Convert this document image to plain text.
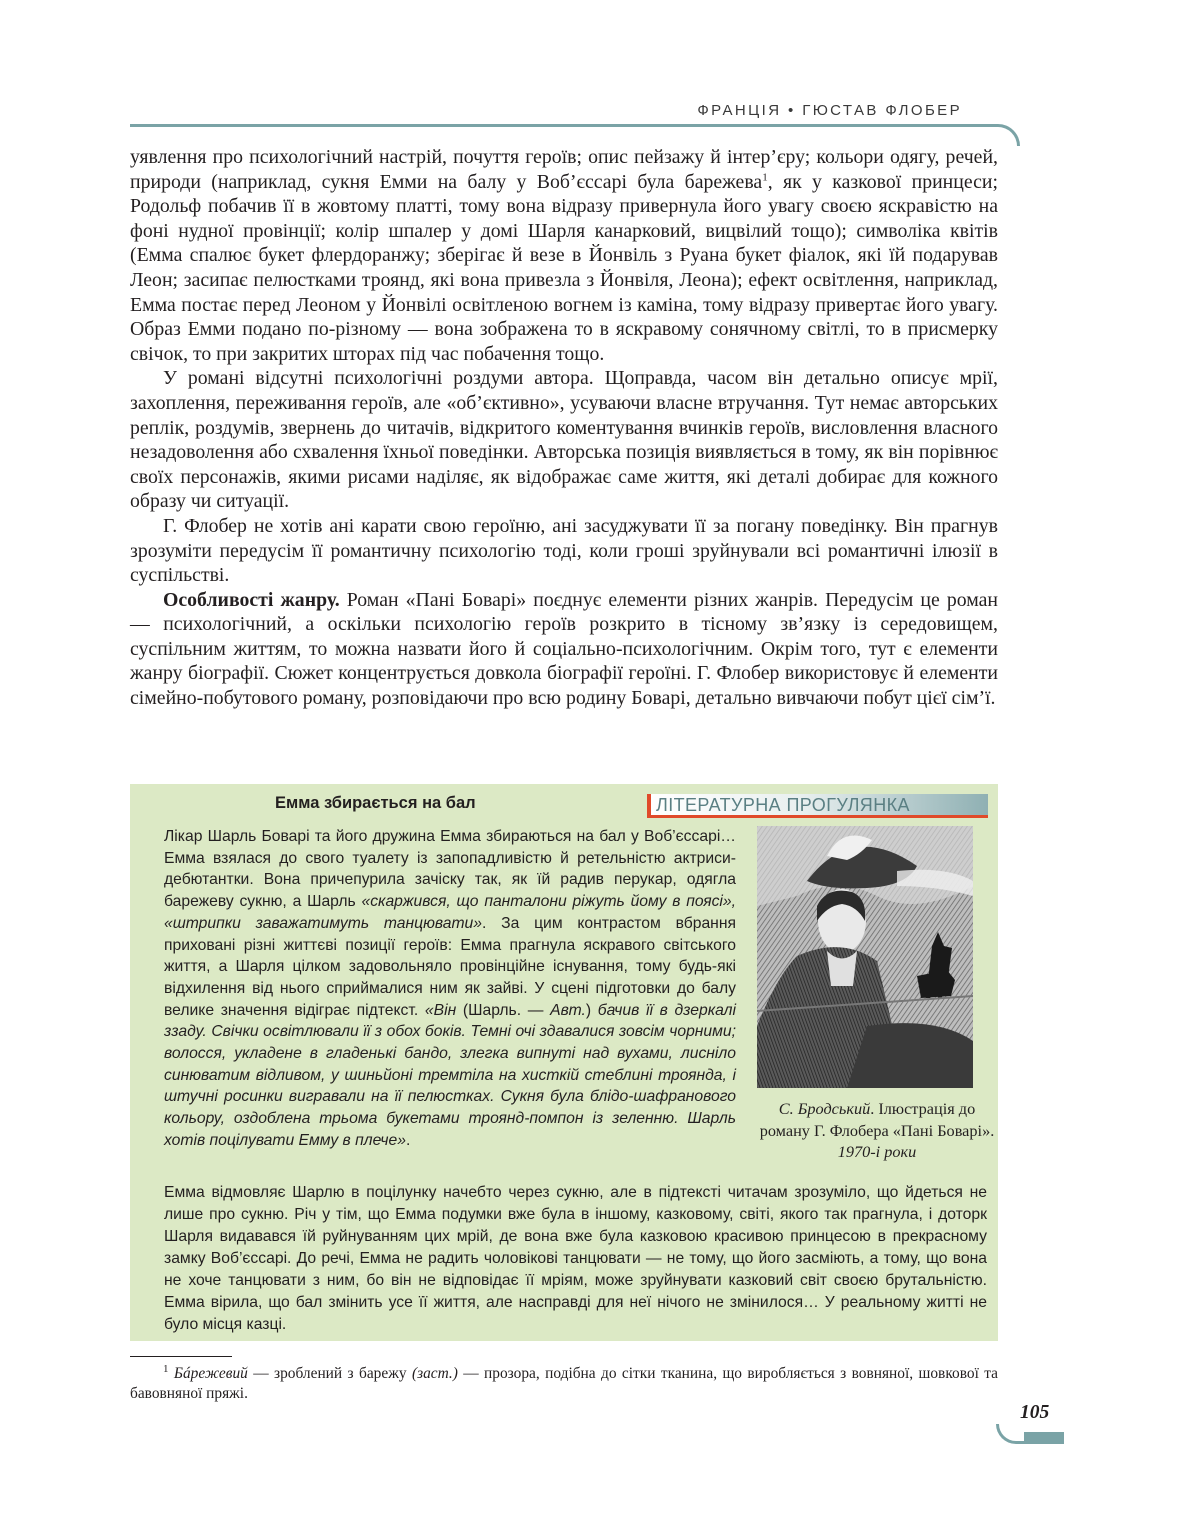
ФРАНЦІЯ • ГЮСТАВ ФЛОБЕР

уявлення про психологічний настрій, почуття героїв; опис пейзажу й інтер’єру; кольори одягу, речей, природи (наприклад, сукня Емми на балу у Воб’єссарі була барежева$^1$, як у казкової принцеси; Родольф побачив її в жовтому платті, тому вона відразу привернула його увагу своєю яскравістю на фоні нудної провінції; колір шпалер у домі Шарля канарковий, вицвілий тощо); символіка квітів (Емма спалює букет флердоранжу; зберігає й везе в Йонвіль з Руана букет фіалок, які їй подарував Леон; засипає пелюстками троянд, які вона привезла з Йонвіля, Леона); ефект освітлення, наприклад, Емма постає перед Леоном у Йонвілі освітленою вогнем із каміна, тому відразу привертає його увагу. Образ Емми подано по-різному — вона зображена то в яскравому сонячному світлі, то в присмерку свічок, то при закритих шторах під час побачення тощо.

У романі відсутні психологічні роздуми автора. Щоправда, часом він детально описує мрії, захоплення, переживання героїв, але «об’єктивно», усуваючи власне втручання. Тут немає авторських реплік, роздумів, звернень до читачів, відкритого коментування вчинків героїв, висловлення власного незадоволення або схвалення їхньої поведінки. Авторська позиція виявляється в тому, як він порівнює своїх персонажів, якими рисами наділяє, як відображає саме життя, які деталі добирає для кожного образу чи ситуації.

Г. Флобер не хотів ані карати свою героїню, ані засуджувати її за погану поведінку. Він прагнув зрозуміти передусім її романтичну психологію тоді, коли гроші зруйнували всі романтичні ілюзії в суспільстві.

Особливості жанру. Роман «Пані Боварі» поєднує елементи різних жанрів. Передусім це роман — психологічний, а оскільки психологію героїв розкрито в тісному зв’язку із середовищем, суспільним життям, то можна назвати його й соціально-психологічним. Окрім того, тут є елементи жанру біографії. Сюжет концентрується довкола біографії героїні. Г. Флобер використовує й елементи сімейно-побутового роману, розповідаючи про всю родину Боварі, детально вивчаючи побут цієї сім’ї.

Емма збирається на бал	ЛІТЕРАТУРНА ПРОГУЛЯНКА

Лікар Шарль Боварі та його дружина Емма збираються на бал у Воб’єссарі… Емма взялася до свого туалету із запопадливістю й ретельністю актриси-дебютантки. Вона причепурила зачіску так, як їй радив перукар, одягла барежеву сукню, а Шарль «скаржився, що панталони ріжуть йому в поясі», «штрипки заважатимуть танцювати». За цим контрастом вбрання приховані різні життєві позиції героїв: Емма прагнула яскравого світського життя, а Шарля цілком задовольняло провінційне існування, тому будь-які відхилення від нього сприймалися ним як зайві. У сцені підготовки до балу велике значення відіграє підтекст. «Він (Шарль. — Авт.) бачив її в дзеркалі ззаду. Свічки освітлювали її з обох боків. Темні очі здавалися зовсім чорними; волосся, укладене в гладенькі бандо, злегка випнуті над вухами, лисніло синюватим відливом, у шиньйоні тремтіла на хисткій стеблині троянда, і штучні росинки вигравали на її пелюстках. Сукня була блідо-шафранового кольору, оздоблена трьома букетами троянд-помпон із зеленню. Шарль хотів поцілувати Емму в плече».

Емма відмовляє Шарлю в поцілунку начебто через сукню, але в підтексті читачам зрозуміло, що йдеться не лише про сукню. Річ у тім, що Емма подумки вже була в іншому, казковому, світі, якого так прагнула, і доторк Шарля видавався їй руйнуванням цих мрій, де вона вже була казковою красивою принцесою в прекрасному замку Воб’єссарі. До речі, Емма не радить чоловікові танцювати — не тому, що його засміють, а тому, що вона не хоче танцювати з ним, бо він не відповідає її мріям, може зруйнувати казковий світ своєю брутальністю. Емма вірила, що бал змінить усе її життя, але насправді для неї нічого не змінилося… У реальному житті не було місця казці.

С. Бродський. Ілюстрація до роману Г. Флобера «Пані Боварі». 1970-і роки

$^1$ Бáрежевий — зроблений з барежу (заст.) — прозора, подібна до сітки тканина, що виробляється з вовняної, шовкової та бавовняної пряжі.

105
